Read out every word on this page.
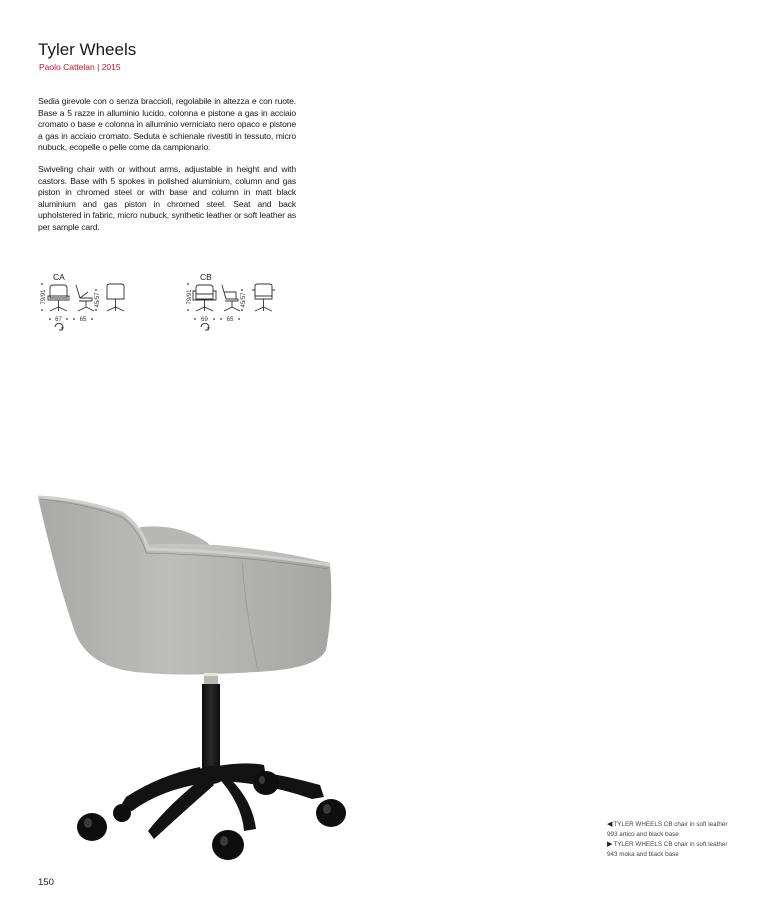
Tyler Wheels
Paolo Cattelan | 2015

Sedia girevole con o senza braccioli, regolabile in altezza e con ruote. Base a 5 razze in alluminio lucido, colonna e pistone a gas in acciaio cromato o base e colonna in alluminio verniciato nero opaco e pistone a gas in acciaio cromato. Seduta e schienale rivestiti in tessuto, micro nubuck, ecopelle o pelle come da campionario.

Swiveling chair with or without arms, adjustable in height and with castors. Base with 5 spokes in polished aluminium, column and gas piston in chromed steel or with base and column in matt black aluminium and gas piston in chromed steel. Seat and back upholstered in fabric, micro nubuck, synthetic leather or soft leather as per sample card.

CA
79/91	45/57
67	65
CB
79/91	45/57
69	65
◀TYLER WHEELS CB chair in soft leather
993 artico and black base
▶TYLER WHEELS CB chair in soft leather
943 moka and black base
150
